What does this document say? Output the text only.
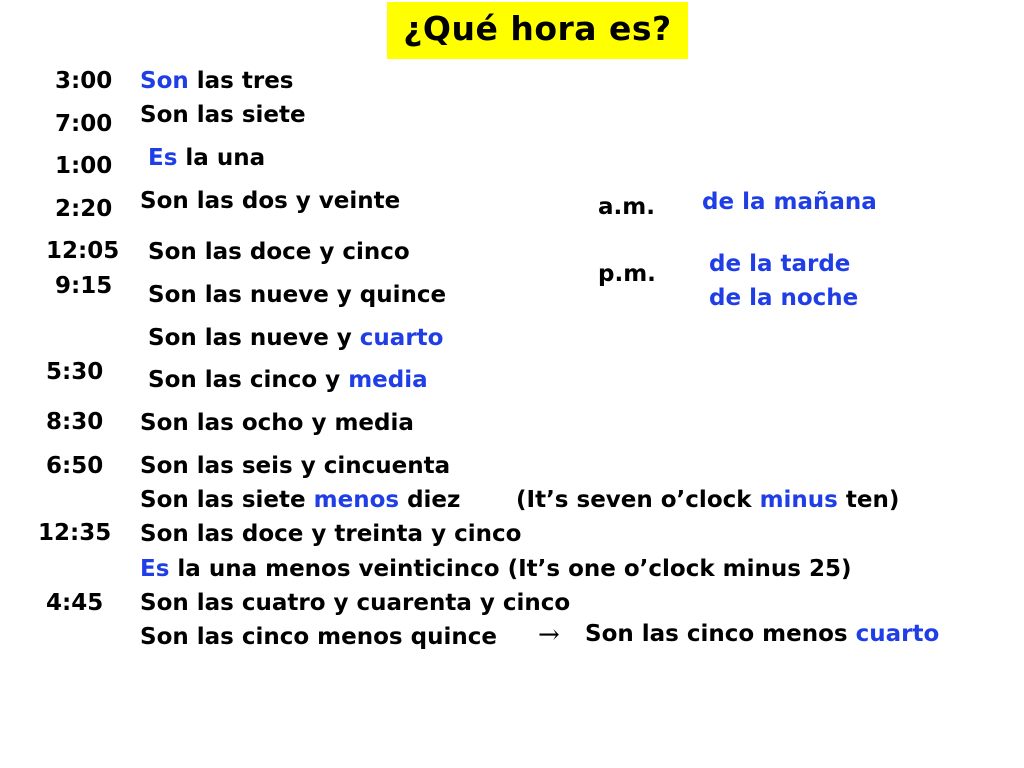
¿Qué hora es?
3:00
7:00
1:00
2:20
12:05
9:15
5:30
8:30
6:50
12:35
4:45
Son las tres
Son las siete
Es la una
Son las dos y veinte
Son las doce y cinco
Son las nueve y quince
Son las nueve y cuarto
Son las cinco y media
Son las ocho y media
Son las seis y cincuenta
Son las siete menos diez (It’s seven o’clock minus ten)
Son las doce y treinta y cinco
Es la una menos veinticinco (It’s one o’clock minus 25)
Son las cuatro y cuarenta y cinco
Son las cinco menos quince → Son las cinco menos cuarto
a.m. de la mañana
p.m. de la tarde
de la noche
